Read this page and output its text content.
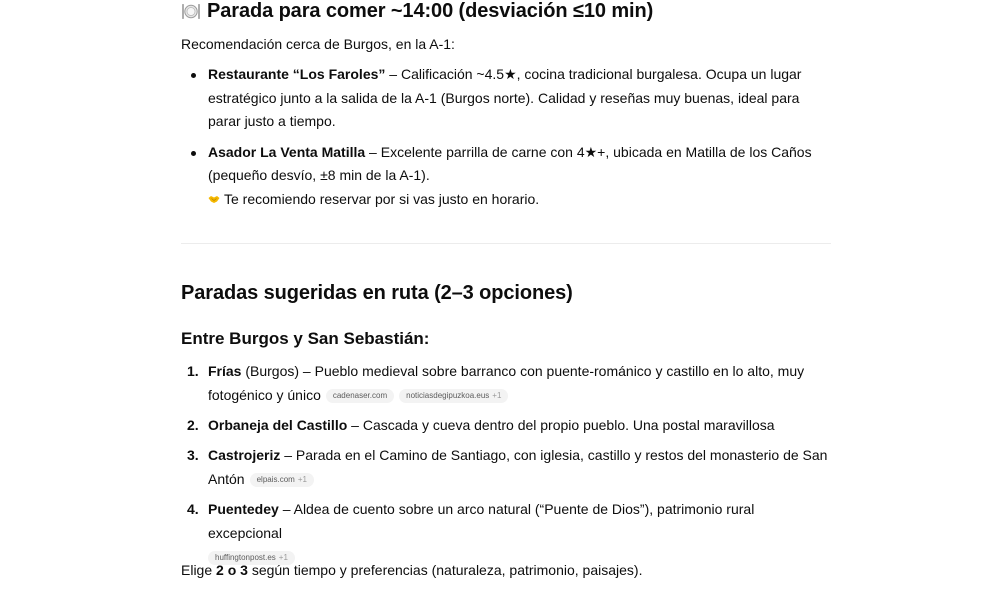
Parada para comer ~14:00 (desviación ≤10 min)

Recomendación cerca de Burgos, en la A-1:

Restaurante “Los Faroles” – Calificación ~4.5★, cocina tradicional burgalesa. Ocupa un lugar estratégico junto a la salida de la A-1 (Burgos norte). Calidad y reseñas muy buenas, ideal para parar justo a tiempo.
Asador La Venta Matilla – Excelente parrilla de carne con 4★+, ubicada en Matilla de los Caños (pequeño desvío, ±8 min de la A-1).
Te recomiendo reservar por si vas justo en horario.
Paradas sugeridas en ruta (2–3 opciones)
Entre Burgos y San Sebastián:
1. Frías (Burgos) – Pueblo medieval sobre barranco con puente-románico y castillo en lo alto, muy fotogénico y único cadenaser.com noticiasdegipuzkoa.eus +1
2. Orbaneja del Castillo – Cascada y cueva dentro del propio pueblo. Una postal maravillosa
3. Castrojeriz – Parada en el Camino de Santiago, con iglesia, castillo y restos del monasterio de San Antón elpais.com +1
4. Puentedey – Aldea de cuento sobre un arco natural (“Puente de Dios”), patrimonio rural excepcional
huffingtonpost.es +1

Elige 2 o 3 según tiempo y preferencias (naturaleza, patrimonio, paisajes).
